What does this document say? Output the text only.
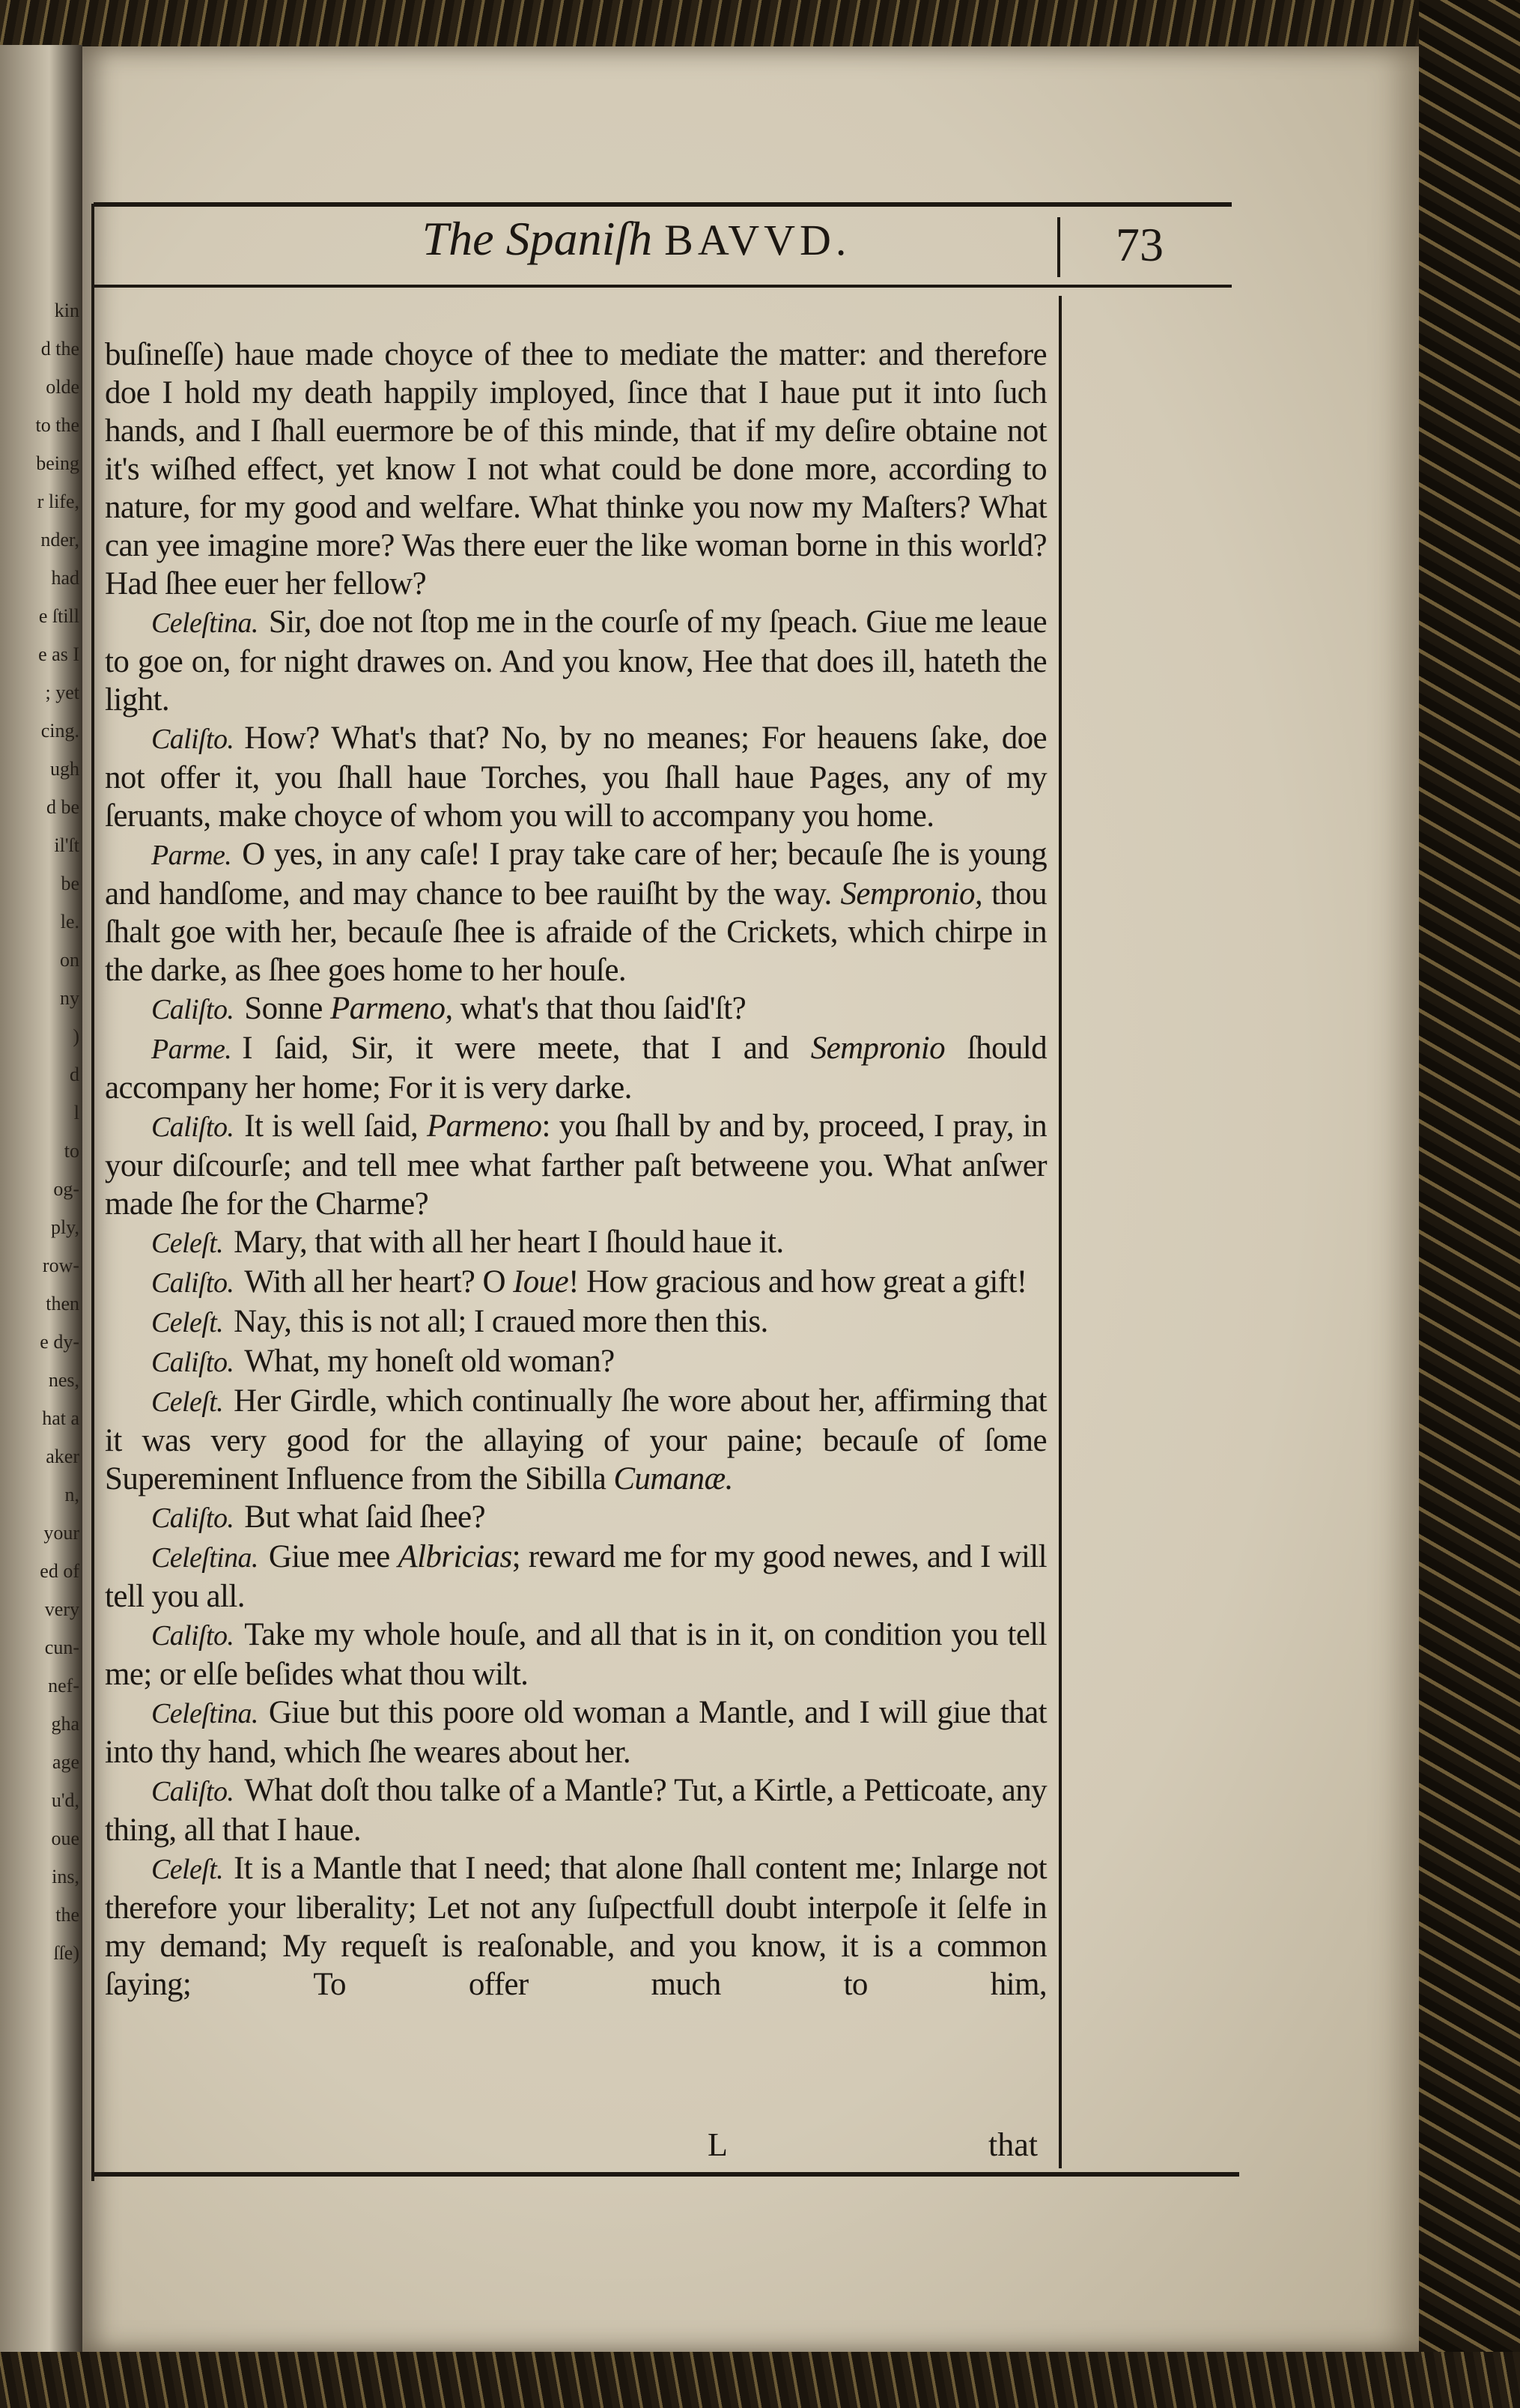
kin
d the
olde
to the
being
r life,
nder,
had
e ſtill
e as I
; yet
cing.
ugh
d be
il'ſt
be
le.
on
ny
)
d
l
to
og-
ply,
row-
then
e dy-
nes,
hat a
aker
n,
your
ed of
very
cun-
nef-
gha
age
u'd,
oue
ins,
the
ſſe)
The Spaniſh BAVVD.	73

buſineſſe) haue made choyce of thee to mediate the matter: and therefore doe I hold my death happily imployed, ſince that I haue put it into ſuch hands, and I ſhall euermore be of this minde, that if my deſire obtaine not it's wiſhed effect, yet know I not what could be done more, according to nature, for my good and welfare. What thinke you now my Maſters? What can yee imagine more? Was there euer the like woman borne in this world? Had ſhee euer her fellow?

Celeſtina. Sir, doe not ſtop me in the courſe of my ſpeach. Giue me leaue to goe on, for night drawes on. And you know, Hee that does ill, hateth the light.

Caliſto. How? What's that? No, by no meanes; For heauens ſake, doe not offer it, you ſhall haue Torches, you ſhall haue Pages, any of my ſeruants, make choyce of whom you will to accompany you home.

Parme. O yes, in any caſe! I pray take care of her; becauſe ſhe is young and handſome, and may chance to bee rauiſht by the way. Sempronio, thou ſhalt goe with her, becauſe ſhee is afraide of the Crickets, which chirpe in the darke, as ſhee goes home to her houſe.

Caliſto. Sonne Parmeno, what's that thou ſaid'ſt?

Parme. I ſaid, Sir, it were meete, that I and Sempronio ſhould accompany her home; For it is very darke.

Caliſto. It is well ſaid, Parmeno: you ſhall by and by, proceed, I pray, in your diſcourſe; and tell mee what farther paſt betweene you. What anſwer made ſhe for the Charme?

Celeſt. Mary, that with all her heart I ſhould haue it.

Caliſto. With all her heart? O Ioue! How gracious and how great a gift!

Celeſt. Nay, this is not all; I craued more then this.

Caliſto. What, my honeſt old woman?

Celeſt. Her Girdle, which continually ſhe wore about her, affirming that it was very good for the allaying of your paine; becauſe of ſome Supereminent Influence from the Sibilla Cumanæ.

Caliſto. But what ſaid ſhee?

Celeſtina. Giue mee Albricias; reward me for my good newes, and I will tell you all.

Caliſto. Take my whole houſe, and all that is in it, on condition you tell me; or elſe beſides what thou wilt.

Celeſtina. Giue but this poore old woman a Mantle, and I will giue that into thy hand, which ſhe weares about her.

Caliſto. What doſt thou talke of a Mantle? Tut, a Kirtle, a Petticoate, any thing, all that I haue.

Celeſt. It is a Mantle that I need; that alone ſhall content me; Inlarge not therefore your liberality; Let not any ſuſpectfull doubt interpoſe it ſelfe in my demand; My requeſt is reaſonable, and you know, it is a common ſaying; To offer much to him,

L	that
